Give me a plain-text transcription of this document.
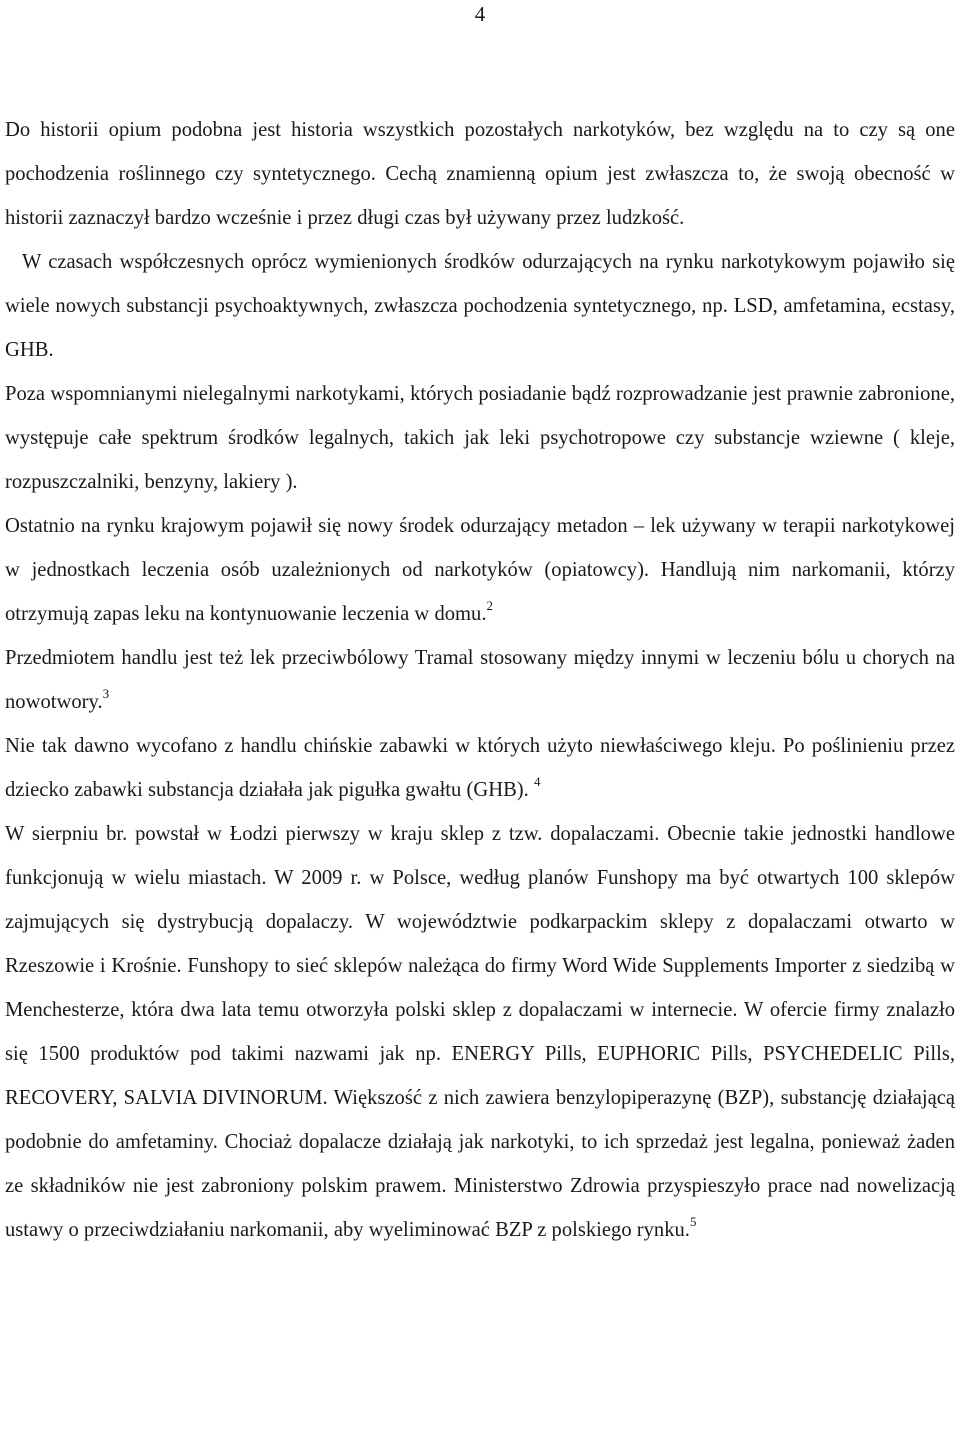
4

Do historii opium podobna jest historia wszystkich pozostałych narkotyków, bez względu na to czy są one pochodzenia roślinnego czy syntetycznego. Cechą znamienną opium jest zwłaszcza to, że swoją obecność w historii zaznaczył bardzo wcześnie i przez długi czas był używany przez ludzkość.

W czasach współczesnych oprócz wymienionych środków odurzających na rynku narkotykowym pojawiło się wiele nowych substancji psychoaktywnych, zwłaszcza pochodzenia syntetycznego, np. LSD, amfetamina, ecstasy, GHB.

Poza wspomnianymi nielegalnymi narkotykami, których posiadanie bądź rozprowadzanie jest prawnie zabronione, występuje całe spektrum środków legalnych, takich jak leki psychotropowe czy substancje wziewne ( kleje, rozpuszczalniki, benzyny, lakiery ).

Ostatnio na rynku krajowym pojawił się nowy środek odurzający metadon – lek używany w terapii narkotykowej w jednostkach leczenia osób uzależnionych od narkotyków (opiatowcy). Handlują nim narkomanii, którzy otrzymują zapas leku na kontynuowanie leczenia w domu.$^2$

Przedmiotem handlu jest też lek przeciwbólowy Tramal stosowany między innymi w leczeniu bólu u chorych na nowotwory.$^3$

Nie tak dawno wycofano z handlu chińskie zabawki w których użyto niewłaściwego kleju. Po poślinieniu przez dziecko zabawki substancja działała jak pigułka gwałtu (GHB). $^4$

W sierpniu br. powstał w Łodzi pierwszy w kraju sklep z tzw. dopalaczami. Obecnie takie jednostki handlowe funkcjonują w wielu miastach. W 2009 r. w Polsce, według planów Funshopy ma być otwartych 100 sklepów zajmujących się dystrybucją dopalaczy. W województwie podkarpackim sklepy z dopalaczami otwarto w Rzeszowie i Krośnie. Funshopy to sieć sklepów należąca do firmy Word Wide Supplements Importer z siedzibą w Menchesterze, która dwa lata temu otworzyła polski sklep z dopalaczami w internecie. W ofercie firmy znalazło się 1500 produktów pod takimi nazwami jak np. ENERGY Pills, EUPHORIC Pills, PSYCHEDELIC Pills, RECOVERY, SALVIA DIVINORUM. Większość z nich zawiera benzylopiperazynę (BZP), substancję działającą podobnie do amfetaminy. Chociaż dopalacze działają jak narkotyki, to ich sprzedaż jest legalna, ponieważ żaden ze składników nie jest zabroniony polskim prawem. Ministerstwo Zdrowia przyspieszyło prace nad nowelizacją ustawy o przeciwdziałaniu narkomanii, aby wyeliminować BZP z polskiego rynku.$^5$
